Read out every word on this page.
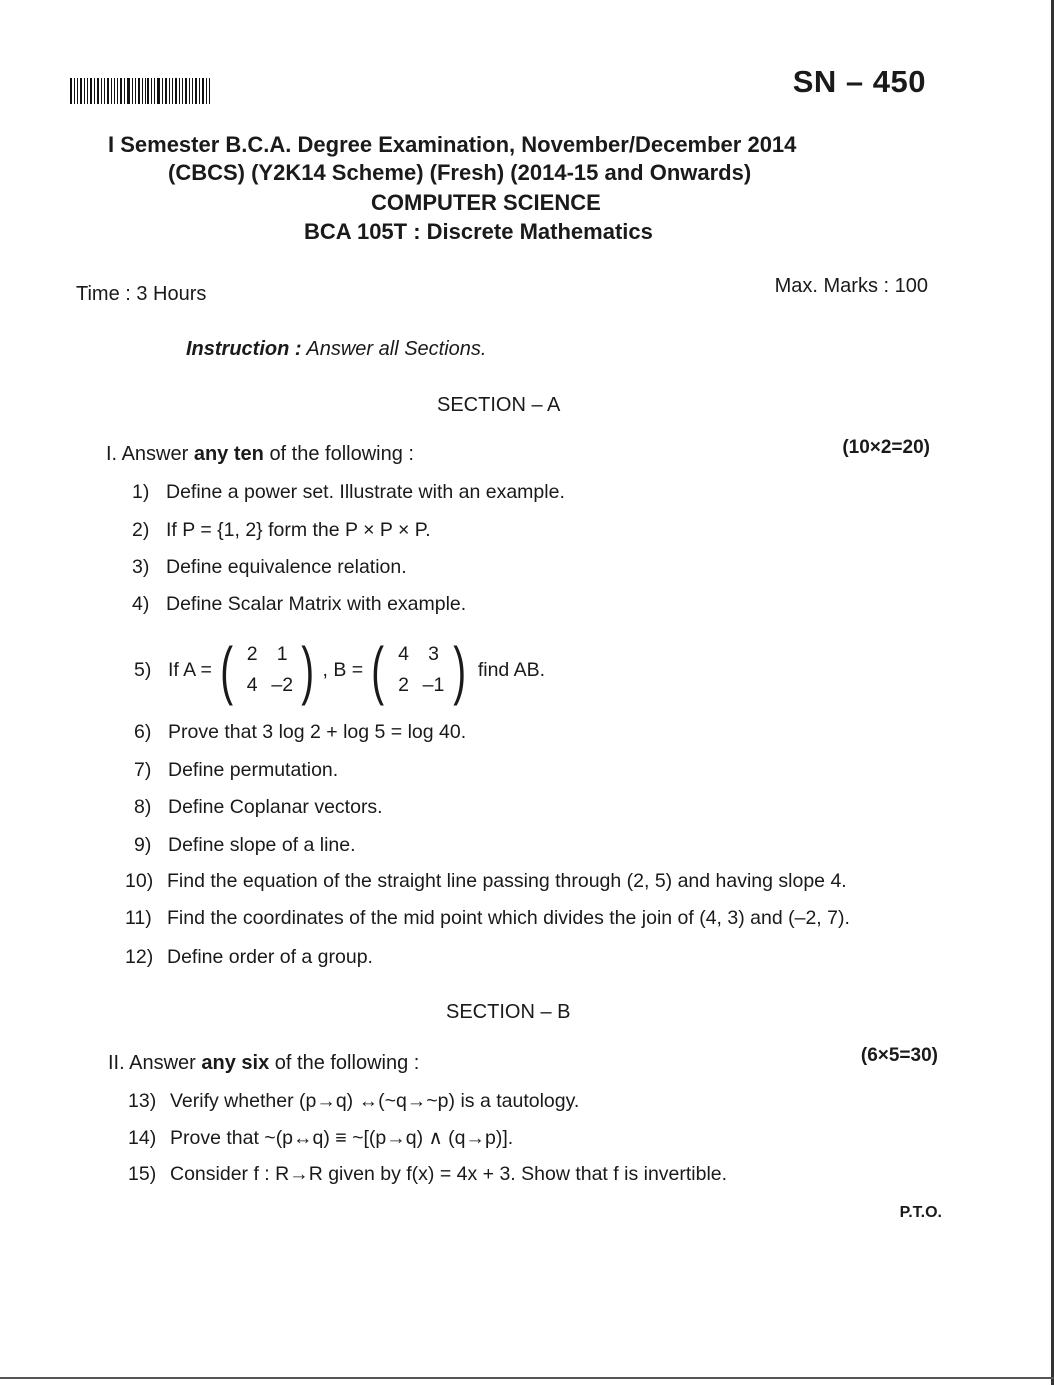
SN – 450
I Semester B.C.A. Degree Examination, November/December 2014
(CBCS) (Y2K14 Scheme) (Fresh) (2014-15 and Onwards)
COMPUTER SCIENCE
BCA 105T : Discrete Mathematics
Time : 3 Hours	Max. Marks : 100
Instruction : Answer all Sections.
SECTION – A
I. Answer any ten of the following :	(10×2=20)
1) Define a power set. Illustrate with an example.
2) If P = {1, 2} form the P × P × P.
3) Define equivalence relation.
4) Define Scalar Matrix with example.
5) If A = ( 2 1
4 –2 ) , B = ( 4 3
2 –1 ) find AB.
6) Prove that 3 log 2 + log 5 = log 40.
7) Define permutation.
8) Define Coplanar vectors.
9) Define slope of a line.
10) Find the equation of the straight line passing through (2, 5) and having slope 4.
11) Find the coordinates of the mid point which divides the join of (4, 3) and (–2, 7).
12) Define order of a group.
SECTION – B
II. Answer any six of the following :	(6×5=30)
13) Verify whether (p→q) ↔(~q→~p) is a tautology.
14) Prove that ~(p↔q) ≡ ~[(p→q) ∧ (q→p)].
15) Consider f : R→R given by f(x) = 4x + 3. Show that f is invertible.
P.T.O.
